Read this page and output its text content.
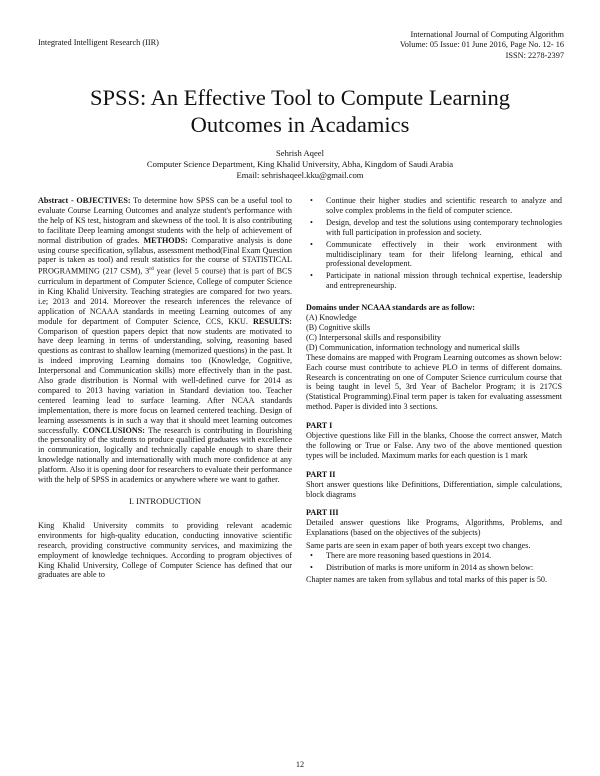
Integrated Intelligent Research (IIR)
International Journal of Computing Algorithm
Volume: 05 Issue: 01 June 2016, Page No. 12- 16
ISSN: 2278-2397
SPSS: An Effective Tool to Compute Learning
Outcomes in Acadamics
Sehrish Aqeel
Computer Science Department, King Khalid University, Abha, Kingdom of Saudi Arabia
Email: sehrishaqeel.kku@gmail.com

Abstract - OBJECTIVES: To determine how SPSS can be a useful tool to evaluate Course Learning Outcomes and analyze student's performance with the help of KS test, histogram and skewness of the tool. It is also contributing to facilitate Deep learning amongst students with the help of achievement of normal distribution of grades. METHODS: Comparative analysis is done using course specification, syllabus, assessment method(Final Exam Question paper is taken as tool) and result statistics for the course of STATISTICAL PROGRAMMING (217 CSM), 3rd year (level 5 course) that is part of BCS curriculum in department of Computer Science, College of computer Science in King Khalid University. Teaching strategies are compared for two years. i.e; 2013 and 2014. Moreover the research inferences the relevance of application of NCAAA standards in meeting Learning outcomes of any module for department of Computer Science, CCS, KKU. RESULTS: Comparison of question papers depict that now students are motivated to have deep learning in terms of understanding, solving, reasoning based questions as contrast to shallow learning (memorized questions) in the past. It is indeed improving Learning domains too (Knowledge, Cognitive, Interpersonal and Communication skills) more effectively than in the past. Also grade distribution is Normal with well-defined curve for 2014 as compared to 2013 having variation in Standard deviation too. Teacher centered learning lead to surface learning. After NCAA standards implementation, there is more focus on learned centered teaching. Design of learning assessments is in such a way that it should meet learning outcomes successfully. CONCLUSIONS: The research is contributing in flourishing the personality of the students to produce qualified graduates with excellence in communication, logically and technically capable enough to share their knowledge nationally and internationally with much more confidence at any platform. Also it is opening door for researchers to evaluate their performance with the help of SPSS in academics or anywhere where we want to gather.

I. INTRODUCTION

King Khalid University commits to providing relevant academic environments for high-quality education, conducting innovative scientific research, providing constructive community services, and maximizing the employment of knowledge techniques. According to program objectives of King Khalid University, College of Computer Science has defined that our graduates are able to

• Continue their higher studies and scientific research to analyze and solve complex problems in the field of computer science.
• Design, develop and test the solutions using contemporary technologies with full participation in profession and society.
• Communicate effectively in their work environment with multidisciplinary team for their lifelong learning, ethical and professional development.
• Participate in national mission through technical expertise, leadership and entrepreneurship.
Domains under NCAAA standards are as follow:
(A) Knowledge
(B) Cognitive skills
(C) Interpersonal skills and responsibility
(D) Communication, information technology and numerical skills

These domains are mapped with Program Learning outcomes as shown below:

Each course must contribute to achieve PLO in terms of different domains. Research is concentrating on one of Computer Science curriculum course that is being taught in level 5, 3rd Year of Bachelor Program; it is 217CS (Statistical Programming).Final term paper is taken for evaluating assessment method. Paper is divided into 3 sections.

PART I

Objective questions like Fill in the blanks, Choose the correct answer, Match the following or True or False. Any two of the above mentioned question types will be included. Maximum marks for each question is 1 mark

PART II

Short answer questions like Definitions, Differentiation, simple calculations, block diagrams

PART III

Detailed answer questions like Programs, Algorithms, Problems, and Explanations (based on the objectives of the subjects)

Same parts are seen in exam paper of both years except two changes.

• There are more reasoning based questions in 2014.
• Distribution of marks is more uniform in 2014 as shown below:

Chapter names are taken from syllabus and total marks of this paper is 50.

12
